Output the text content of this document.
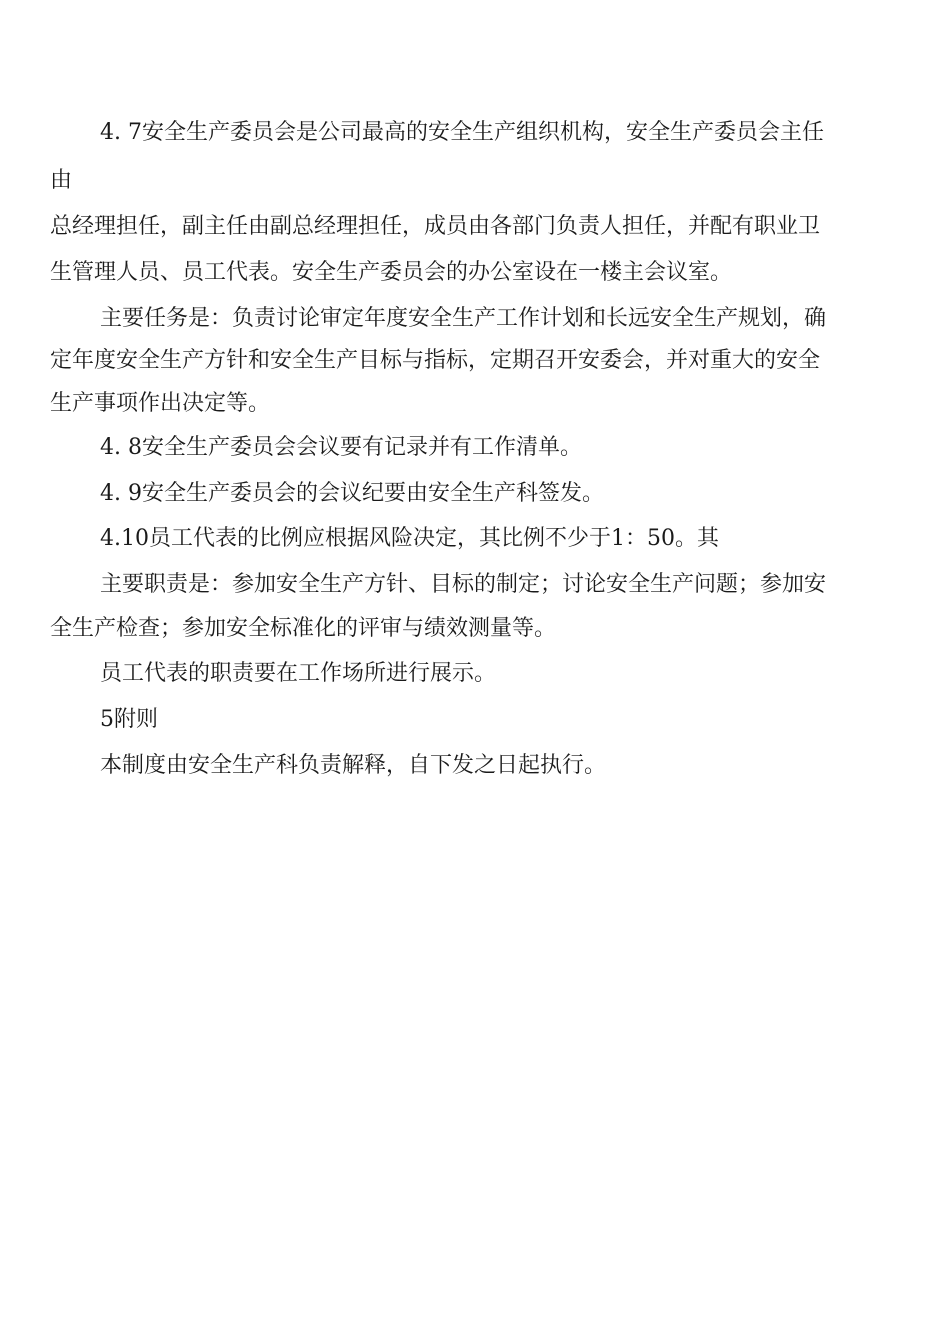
4. 7安全生产委员会是公司最高的安全生产组织机构，安全生产委员会主任
由
总经理担任，副主任由副总经理担任，成员由各部门负责人担任，并配有职业卫
生管理人员、员工代表。安全生产委员会的办公室设在一楼主会议室。
主要任务是：负责讨论审定年度安全生产工作计划和长远安全生产规划，确
定年度安全生产方针和安全生产目标与指标，定期召开安委会，并对重大的安全
生产事项作出决定等。
4. 8安全生产委员会会议要有记录并有工作清单。
4. 9安全生产委员会的会议纪要由安全生产科签发。
4.10员工代表的比例应根据风险决定，其比例不少于1：50。其
主要职责是：参加安全生产方针、目标的制定；讨论安全生产问题；参加安
全生产检查；参加安全标准化的评审与绩效测量等。
员工代表的职责要在工作场所进行展示。
5附则
本制度由安全生产科负责解释，自下发之日起执行。
